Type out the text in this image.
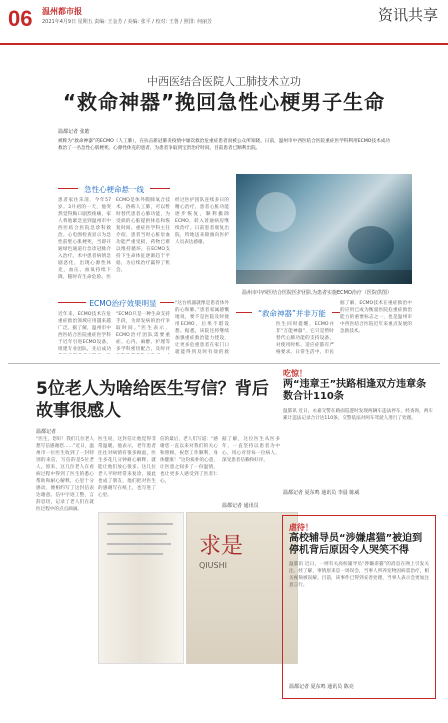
06 温州都市报
2021年4月9日 星期五 责编: 王金芳 / 美编: 张平 / 校对: 王鲁 / 照排: 何丽芳	资讯共享
中西医结合医院人工肺技术立功
“救命神器”挽回急性心梗男子生命
温都记者 张皓
被称为“救命神器”的ECMO（人工肺），在抗击新冠肺炎疫情中屡次救治危重症患者而被公众所知晓。日前，温州市中西医结合医院重症医学科利用ECMO技术成功救治了一名急性心肌梗死、心源性休克的患者，为患者争取到宝贵治疗时间，目前患者已顺利出院。
急性心梗命悬一线
患者家住乐清，今年57岁。3月初的一天，他突然觉得胸口剧烈疼痛，家人将他紧急送到温州市中西医结合医院急诊科救治。心电图检查显示为急性前壁心肌梗死，当即开通绿色通道行急诊冠脉介入治疗。术中患者病情急剧恶化，出现心源性休克，血压、血氧持续下降，随时有生命危险。医
ECMO是体外膜肺氧合技术，俗称人工肺，可以暂时替代患者心肺功能，为受损的心脏提供休息和恢复时间。重症医学科主任介绍，患者当时心脏泵血功能严重受损，药物已难以维持循环，在ECMO支持下生命体征逐渐趋于平稳，为后续治疗赢得了机会。
经过医护团队连续多日的精心治疗，患者心脏功能逐步恢复，顺利撤除ECMO，转入普通病房继续治疗。日前患者康复出院，特地送来锦旗向医护人员表达感谢。
温州市中西医结合医院医护团队为患者实施ECMO治疗（医院供图）
ECMO治疗效果明显
近年来，ECMO技术在危重症救治领域应用越来越广泛。据了解，温州市中西医结合医院重症医学科于近年引进ECMO设备，组建专业团队，先后成功
“ECMO只是一种生命支持手段，为原发病的治疗争取时间。”医生表示，ECMO治疗团队需要重症、心内、麻醉、护理等多学科密切配合，及时评
“这台机器就像是患者体外的心和肺。”患者家属感慨地说，要不是医院及时使用ECMO，后果不堪设想。据悉，该院还将继续加强重症救治能力建设，让更多危重患者在家门口就能得到及时有效的救
“救命神器”并非万能
医生同时提醒，ECMO并非“万能神器”，它只是暂时替代心肺功能的支持设备，对使用时机、适应症都有严格要求。日常生活中，市民
据了解，ECMO技术在重症救治中的应用已成为衡量医院危重症救治能力的重要标志之一，也是温州市中西医结合医院近年来重点发展的急救技术。
5位老人为啥给医生写信？背后故事很感人
温都记者
“医生，您好！我们几位老人想写信感谢您……”近日，温州市一位医生收到了一封特别的来信，写信的是5位老人。原来，这几位老人在看病过程中得到了医生的悉心帮助和耐心解释，心里十分感动，便相约写了这封信表达谢意。信中字迹工整，言辞恳切，记录了老人们在就医过程中的点点滴滴。
医生说，这封信让他觉得非常温暖。他表示，老年患者往往对病情有很多顾虑，医生多花几分钟耐心解释，就能让他们放心很多。这几位老人平时经常来复诊，彼此也成了朋友，他们把对医生的感谢写在纸上，也写进了心里。
信的最后，老人们写道：“感谢您一直以来对我们的关心和照顾，祝您工作顺利，身体健康！”这份质朴的心意，让医患之间多了一份温情，也让更多人感受到了医者仁心。
据了解，这位医生从医多年，一直坚持以患者为中心，用心对待每一位病人，深受患者信赖和好评。
温都记者 通讯员
求是
QIUSHI
吃惊！
两“违章王”扶路相逢双方违章条数合计110条
温都讯 近日，永嘉交警在路面巡逻时发现两辆车违法停车，经查询，两车累计违法记录合计达110条，交警依法对两车驾驶人进行了处理。
温都记者 夏东鸣 通讯员 李晨 陈威
虐待！
高校辅导员“涉嫌虐猫”被迫到停机背后原因令人哭笑不得
温都讯 近日，一则有关高校辅导员“涉嫌虐猫”的消息在网上引发关注。经了解，事情原来是一场误会，当事人所养宠物因病需治疗，相关视频被误解。目前，该事件已得到妥善处理，当事人表示会更加注意言行。
温都记者 夏东鸣 通讯员 陈亮
